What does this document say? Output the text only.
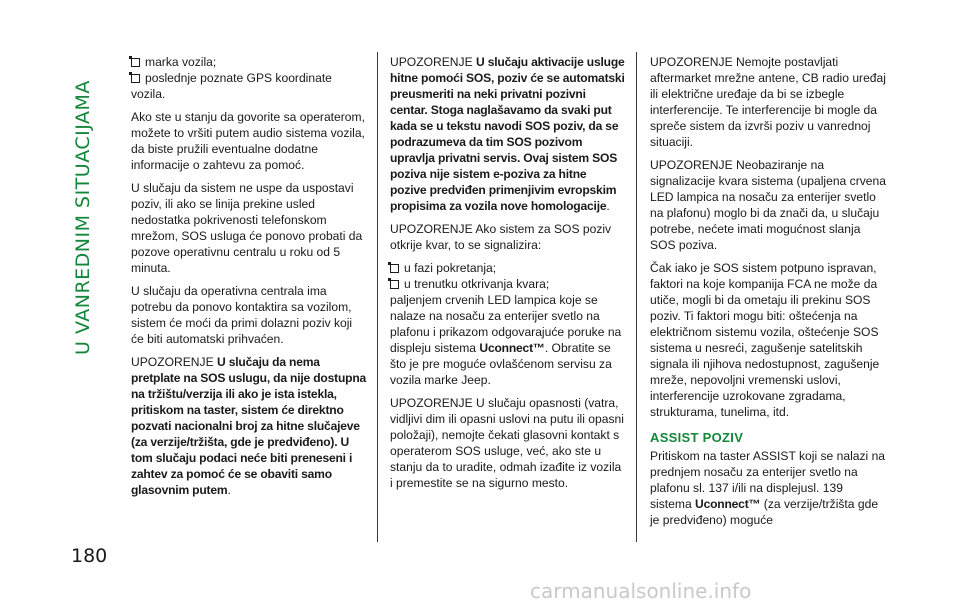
U VANREDNIM SITUACIJAMA
180
marka vozila;
poslednje poznate GPS koordinate

vozila.

Ako ste u stanju da govorite sa operaterom, možete to vršiti putem audio sistema vozila, da biste pružili eventualne dodatne informacije o zahtevu za pomoć.

U slučaju da sistem ne uspe da uspostavi poziv, ili ako se linija prekine usled nedostatka pokrivenosti telefonskom mrežom, SOS usluga će ponovo probati da pozove operativnu centralu u roku od 5 minuta.

U slučaju da operativna centrala ima potrebu da ponovo kontaktira sa vozilom, sistem će moći da primi dolazni poziv koji će biti automatski prihvaćen.

UPOZORENJE U slučaju da nema pretplate na SOS uslugu, da nije dostupna na tržištu/verzija ili ako je ista istekla, pritiskom na taster, sistem će direktno pozvati nacionalni broj za hitne slučajeve (za verzije/tržišta, gde je predviđeno). U tom slučaju podaci neće biti preneseni i zahtev za pomoć će se obaviti samo glasovnim putem.

UPOZORENJE U slučaju aktivacije usluge hitne pomoći SOS, poziv će se automatski preusmeriti na neki privatni pozivni centar. Stoga naglašavamo da svaki put kada se u tekstu navodi SOS poziv, da se podrazumeva da tim SOS pozivom upravlja privatni servis. Ovaj sistem SOS poziva nije sistem e-poziva za hitne pozive predviđen primenjivim evropskim propisima za vozila nove homologacije.

UPOZORENJE Ako sistem za SOS poziv otkrije kvar, to se signalizira:

u fazi pokretanja;
u trenutku otkrivanja kvara;

paljenjem crvenih LED lampica koje se nalaze na nosaču za enterijer svetlo na plafonu i prikazom odgovarajuće poruke na displeju sistema Uconnect™. Obratite se što je pre moguće ovlašćenom servisu za vozila marke Jeep.

UPOZORENJE U slučaju opasnosti (vatra, vidljivi dim ili opasni uslovi na putu ili opasni položaji), nemojte čekati glasovni kontakt s operaterom SOS usluge, već, ako ste u stanju da to uradite, odmah izađite iz vozila i premestite se na sigurno mesto.

UPOZORENJE Nemojte postavljati aftermarket mrežne antene, CB radio uređaj ili električne uređaje da bi se izbegle interferencije. Te interferencije bi mogle da spreče sistem da izvrši poziv u vanrednoj situaciji.

UPOZORENJE Neobaziranje na signalizacije kvara sistema (upaljena crvena LED lampica na nosaču za enterijer svetlo na plafonu) moglo bi da znači da, u slučaju potrebe, nećete imati mogućnost slanja SOS poziva.

Čak iako je SOS sistem potpuno ispravan, faktori na koje kompanija FCA ne može da utiče, mogli bi da ometaju ili prekinu SOS poziv. Ti faktori mogu biti: oštećenja na električnom sistemu vozila, oštećenje SOS sistema u nesreći, zagušenje satelitskih signala ili njihova nedostupnost, zagušenje mreže, nepovoljni vremenski uslovi, interferencije uzrokovane zgradama, strukturama, tunelima, itd.

ASSIST POZIV

Pritiskom na taster ASSIST koji se nalazi na prednjem nosaču za enterijer svetlo na plafonu sl. 137 i/ili na displejusl. 139 sistema Uconnect™ (za verzije/tržišta gde je predviđeno) moguće

carmanualsonline.info
